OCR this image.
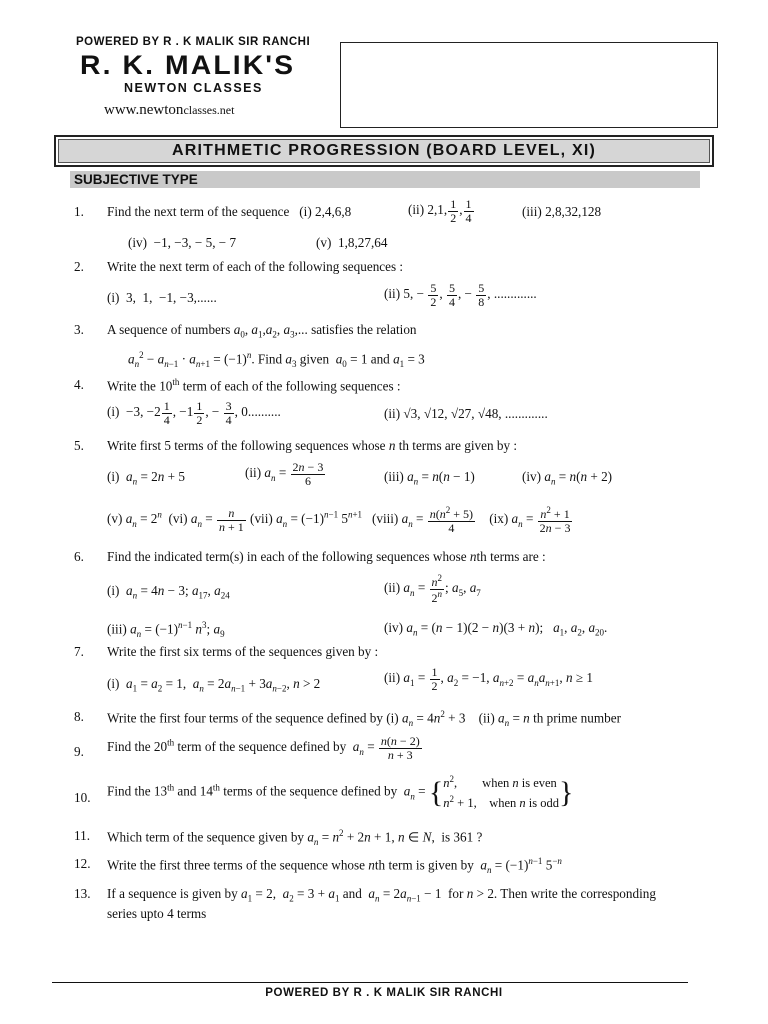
POWERED BY R . K MALIK SIR RANCHI
R. K. MALIK'S
NEWTON CLASSES
www.newtonclasses.net
ARITHMETIC PROGRESSION (BOARD LEVEL, XI)
SUBJECTIVE TYPE
1. Find the next term of the sequence   (i) 2,4,6,8	(ii) 2,1, $\frac{1}{2}$ , $\frac{1}{4}$	(iii) 2,8,32,128
(iv)  −1, −3, − 5, − 7	(v)  1,8,27,64
2. Write the next term of each of the following sequences :
(i)  3,  1,  −1, −3,......	(ii) 5, − $\frac{5}{2}$ , $\frac{5}{4}$ , − $\frac{5}{8}$ , .............
3. A sequence of numbers $a_0$, $a_1,a_2$, $a_3$,... satisfies the relation
$a_n^2 - a_{n-1} \cdot a_{n+1} = (-1)^n$. Find $a_3$ given  $a_0 = 1$ and $a_1 = 3$
4. Write the 10th term of each of the following sequences :
(i)  −3, $-2 \frac{1}{4}$ , $-1 \frac{1}{2}$ , − $\frac{3}{4}$ , 0..........	(ii) √3, √12, √27, √48, .............
5. Write first 5 terms of the following sequences whose n th terms are given by :
(i)  $a_n = 2n + 5$	(ii) $a_n = \frac{2n - 3}{6}$	(iii) $a_n = n(n - 1)$	(iv) $a_n = n(n + 2)$
(v) $a_n = 2^n$  (vi) $a_n = \frac{n}{n + 1} (vii) a_n = (-1)^{n-1}$ $5^{n+1}$   (viii) $a_n = \frac{n(n^2 + 5)}{4} (ix) a_n = \frac{n^2 + 1}{2n - 3}$
6. Find the indicated term(s) in each of the following sequences whose nth terms are :
(i)  $a_n = 4n - 3$; $a_{17}$, $a_{24}$
(ii) $a_n = \frac{n^2}{2^n}$ ; $a_5$, $a_7$
(iii) $a_n = (-1)^{n-1}$ $n^3$; $a_9$	(iv) $a_n = (n - 1)(2 - n)(3 + n)$;   $a_1$, $a_2$, $a_{20}$.
7. Write the first six terms of the sequences given by :
(i)  $a_1 = a_2 = 1$,  $a_n = 2a_{n-1} + 3a_{n-2}$, n > 2	(ii) $a_1 = \frac{1}{2}$ , $a_2 = -1$, $a_{n+2} = a_na_{n+1}$, n ≥ 1
8. Write the first four terms of the sequence defined by (i) $a_n = 4n^2 + 3$    (ii) $a_n = n$ th prime number
9. Find the 20th term of the sequence defined by  $a_n = \frac{n(n - 2)}{n + 3}$
10. Find the 13th and 14th terms of the sequence defined by  $a_n = \{n^2$,        when n is even
$n^2 + 1$,    when n is odd}
11. Which term of the sequence given by $a_n = n^2 + 2n + 1$, n ∈ N,  is 361 ?
12. Write the first three terms of the sequence whose nth term is given by  $a_n = (-1)^{n-1}$ $5^{-n}$
13. If a sequence is given by $a_1 = 2$,  $a_2 = 3 + a_1$ and  $a_n = 2a_{n-1} - 1$  for n > 2. Then write the corresponding
series upto 4 terms
POWERED BY R . K MALIK SIR RANCHI
